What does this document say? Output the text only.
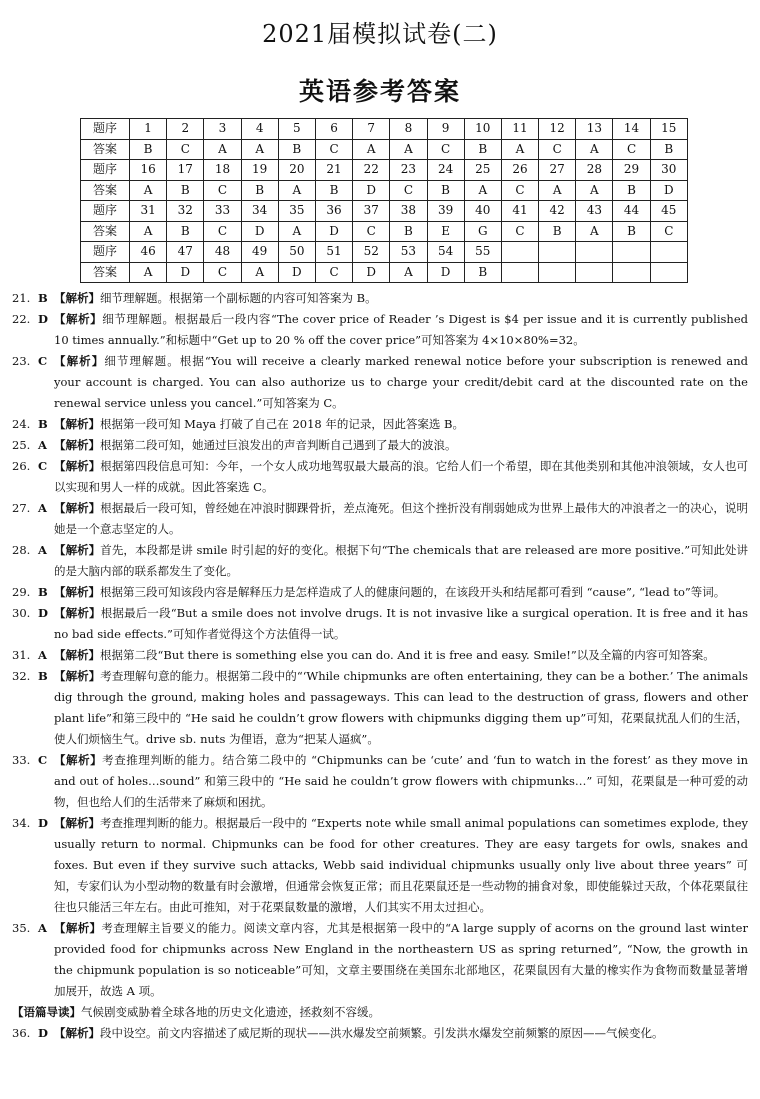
2021届模拟试卷(二)
英语参考答案
题序	1	2	3	4	5	6	7	8	9	10	11	12	13	14	15
答案	B	C	A	A	B	C	A	A	C	B	A	C	A	C	B
题序	16	17	18	19	20	21	22	23	24	25	26	27	28	29	30
答案	A	B	C	B	A	B	D	C	B	A	C	A	A	B	D
题序	31	32	33	34	35	36	37	38	39	40	41	42	43	44	45
答案	A	B	C	D	A	D	C	B	E	G	C	B	A	B	C
题序	46	47	48	49	50	51	52	53	54	55					
答案	A	D	C	A	D	C	D	A	D	B					
21. B 【解析】细节理解题。根据第一个副标题的内容可知答案为 B。
22. D 【解析】细节理解题。根据最后一段内容“The cover price of Reader ’s Digest is $4 per issue and it is currently published 10 times annually.”和标题中“Get up to 20 % off the cover price”可知答案为 4×10×80%=32。
23. C 【解析】细节理解题。根据“You will receive a clearly marked renewal notice before your subscription is renewed and your account is charged. You can also authorize us to charge your credit/debit card at the discounted rate on the renewal service unless you cancel.”可知答案为 C。
24. B 【解析】根据第一段可知 Maya 打破了自己在 2018 年的记录，因此答案选 B。
25. A 【解析】根据第二段可知，她通过巨浪发出的声音判断自己遇到了最大的波浪。
26. C 【解析】根据第四段信息可知：今年，一个女人成功地驾驭最大最高的浪。它给人们一个希望，即在其他类别和其他冲浪领域，女人也可以实现和男人一样的成就。因此答案选 C。
27. A 【解析】根据最后一段可知，曾经她在冲浪时脚踝骨折，差点淹死。但这个挫折没有削弱她成为世界上最伟大的冲浪者之一的决心，说明她是一个意志坚定的人。
28. A 【解析】首先，本段都是讲 smile 时引起的好的变化。根据下句“The chemicals that are released are more positive.”可知此处讲的是大脑内部的联系都发生了变化。
29. B 【解析】根据第三段可知该段内容是解释压力是怎样造成了人的健康问题的，在该段开头和结尾都可看到 “cause”, “lead to”等词。
30. D 【解析】根据最后一段“But a smile does not involve drugs. It is not invasive like a surgical operation. It is free and it has no bad side effects.”可知作者觉得这个方法值得一试。
31. A 【解析】根据第二段“But there is something else you can do. And it is free and easy. Smile!”以及全篇的内容可知答案。
32. B 【解析】考查理解句意的能力。根据第二段中的“‘While chipmunks are often entertaining, they can be a bother.’ The animals dig through the ground, making holes and passageways. This can lead to the destruction of grass, flowers and other plant life”和第三段中的 “He said he couldn’t grow flowers with chipmunks digging them up”可知，花栗鼠扰乱人们的生活，使人们烦恼生气。drive sb. nuts 为俚语，意为“把某人逼疯”。
33. C 【解析】考查推理判断的能力。结合第二段中的 “Chipmunks can be ‘cute’ and ‘fun to watch in the forest’ as they move in and out of holes…sound” 和第三段中的 “He said he couldn’t grow flowers with chipmunks…” 可知，花栗鼠是一种可爱的动物，但也给人们的生活带来了麻烦和困扰。
34. D 【解析】考查推理判断的能力。根据最后一段中的 “Experts note while small animal populations can sometimes explode, they usually return to normal. Chipmunks can be food for other creatures. They are easy targets for owls, snakes and foxes. But even if they survive such attacks, Webb said individual chipmunks usually only live about three years” 可知，专家们认为小型动物的数量有时会激增，但通常会恢复正常；而且花栗鼠还是一些动物的捕食对象，即使能躲过天敌，个体花栗鼠往往也只能活三年左右。由此可推知，对于花栗鼠数量的激增，人们其实不用太过担心。
35. A 【解析】考查理解主旨要义的能力。阅读文章内容，尤其是根据第一段中的“A large supply of acorns on the ground last winter provided food for chipmunks across New England in the northeastern US as spring returned”, “Now, the growth in the chipmunk population is so noticeable”可知，文章主要围绕在美国东北部地区，花栗鼠因有大量的橡实作为食物而数量显著增加展开，故选 A 项。
【语篇导读】气候剧变威胁着全球各地的历史文化遗迹，拯救刻不容缓。
36. D 【解析】段中设空。前文内容描述了威尼斯的现状——洪水爆发空前频繁。引发洪水爆发空前频繁的原因——气候变化。
